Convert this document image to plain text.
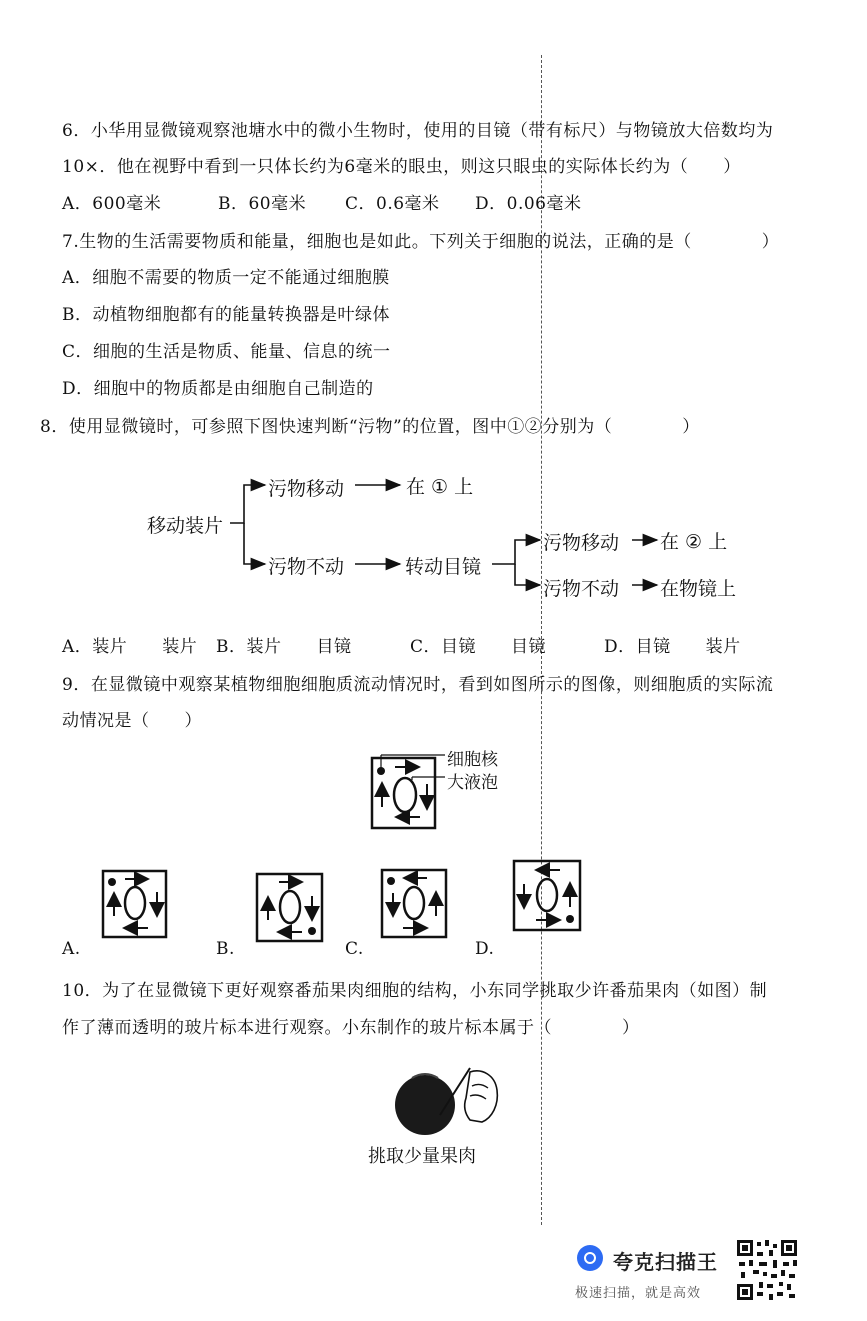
6．小华用显微镜观察池塘水中的微小生物时，使用的目镜（带有标尺）与物镜放大倍数均为
10×．他在视野中看到一只体长约为6毫米的眼虫，则这只眼虫的实际体长约为（　　）
A．600毫米	B．60毫米 C．0.6毫米 D．0.06毫米
7.生物的生活需要物质和能量，细胞也是如此。下列关于细胞的说法，正确的是（　　　　）
A．细胞不需要的物质一定不能通过细胞膜
B．动植物细胞都有的能量转换器是叶绿体
C．细胞的生活是物质、能量、信息的统一
D．细胞中的物质都是由细胞自己制造的
8．使用显微镜时，可参照下图快速判断“污物”的位置，图中①②分别为（　　　　）
移动装片
污物移动	在 ① 上
污物不动	转动目镜
污物移动 在 ② 上
污物不动 在物镜上
A．装片　　装片 B．装片　　目镜	C．目镜　　目镜	D．目镜　　装片
9．在显微镜中观察某植物细胞细胞质流动情况时，看到如图所示的图像，则细胞质的实际流
动情况是（　　）
细胞核
大液泡
A.	B.	C.	D.
10．为了在显微镜下更好观察番茄果肉细胞的结构，小东同学挑取少许番茄果肉（如图）制
作了薄而透明的玻片标本进行观察。小东制作的玻片标本属于（　　　　）
挑取少量果肉
夸克扫描王
极速扫描，就是高效
